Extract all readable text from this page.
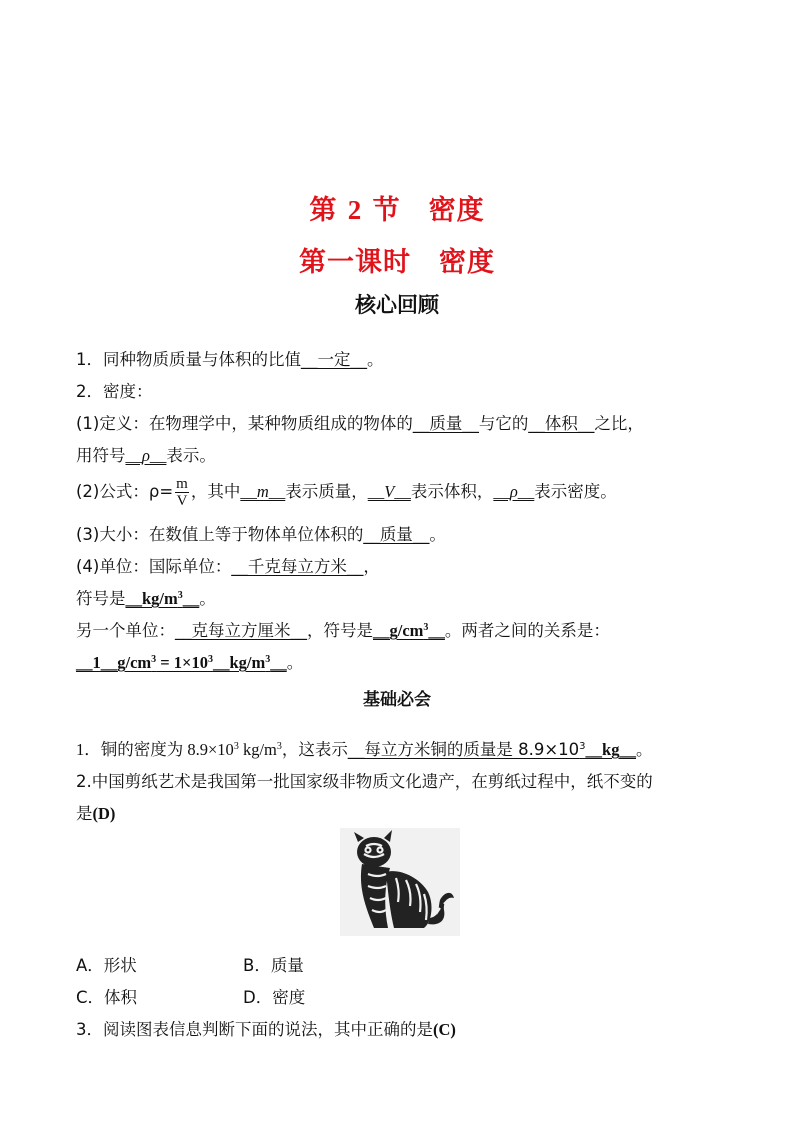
第 2 节　密度
第一课时　密度
核心回顾
1．同种物质质量与体积的比值__一定__。
2．密度：
(1)定义：在物理学中，某种物质组成的物体的__质量__与它的__体积__之比，
用符号__ρ__表示。
(2)公式：$\rho= \frac{m}{V}$ ，其中__m__表示质量，__V__表示体积，__ρ__表示密度。
(3)大小：在数值上等于物体单位体积的__质量__。
(4)单位：国际单位：__千克每立方米__，
符号是$\_\_kg/m^3\_\_$。
另一个单位：__克每立方厘米__，符号是$\_\_g/cm^3\_\_$。两者之间的关系是：
$\_\_1\_\_g/cm^3$ = $1\times 10^3\_\_kg/m^3\_\_$。
基础必会
1．铜的密度为 $8.9\times 10^3$ $kg/m^3$，这表示__每立方米铜的质量是 $8.9\times 10^3\_\_kg\_\_$。
2.中国剪纸艺术是我国第一批国家级非物质文化遗产，在剪纸过程中，纸不变的
是(D)
A．形状	B．质量
C．体积	D．密度
3．阅读图表信息判断下面的说法，其中正确的是(C)
